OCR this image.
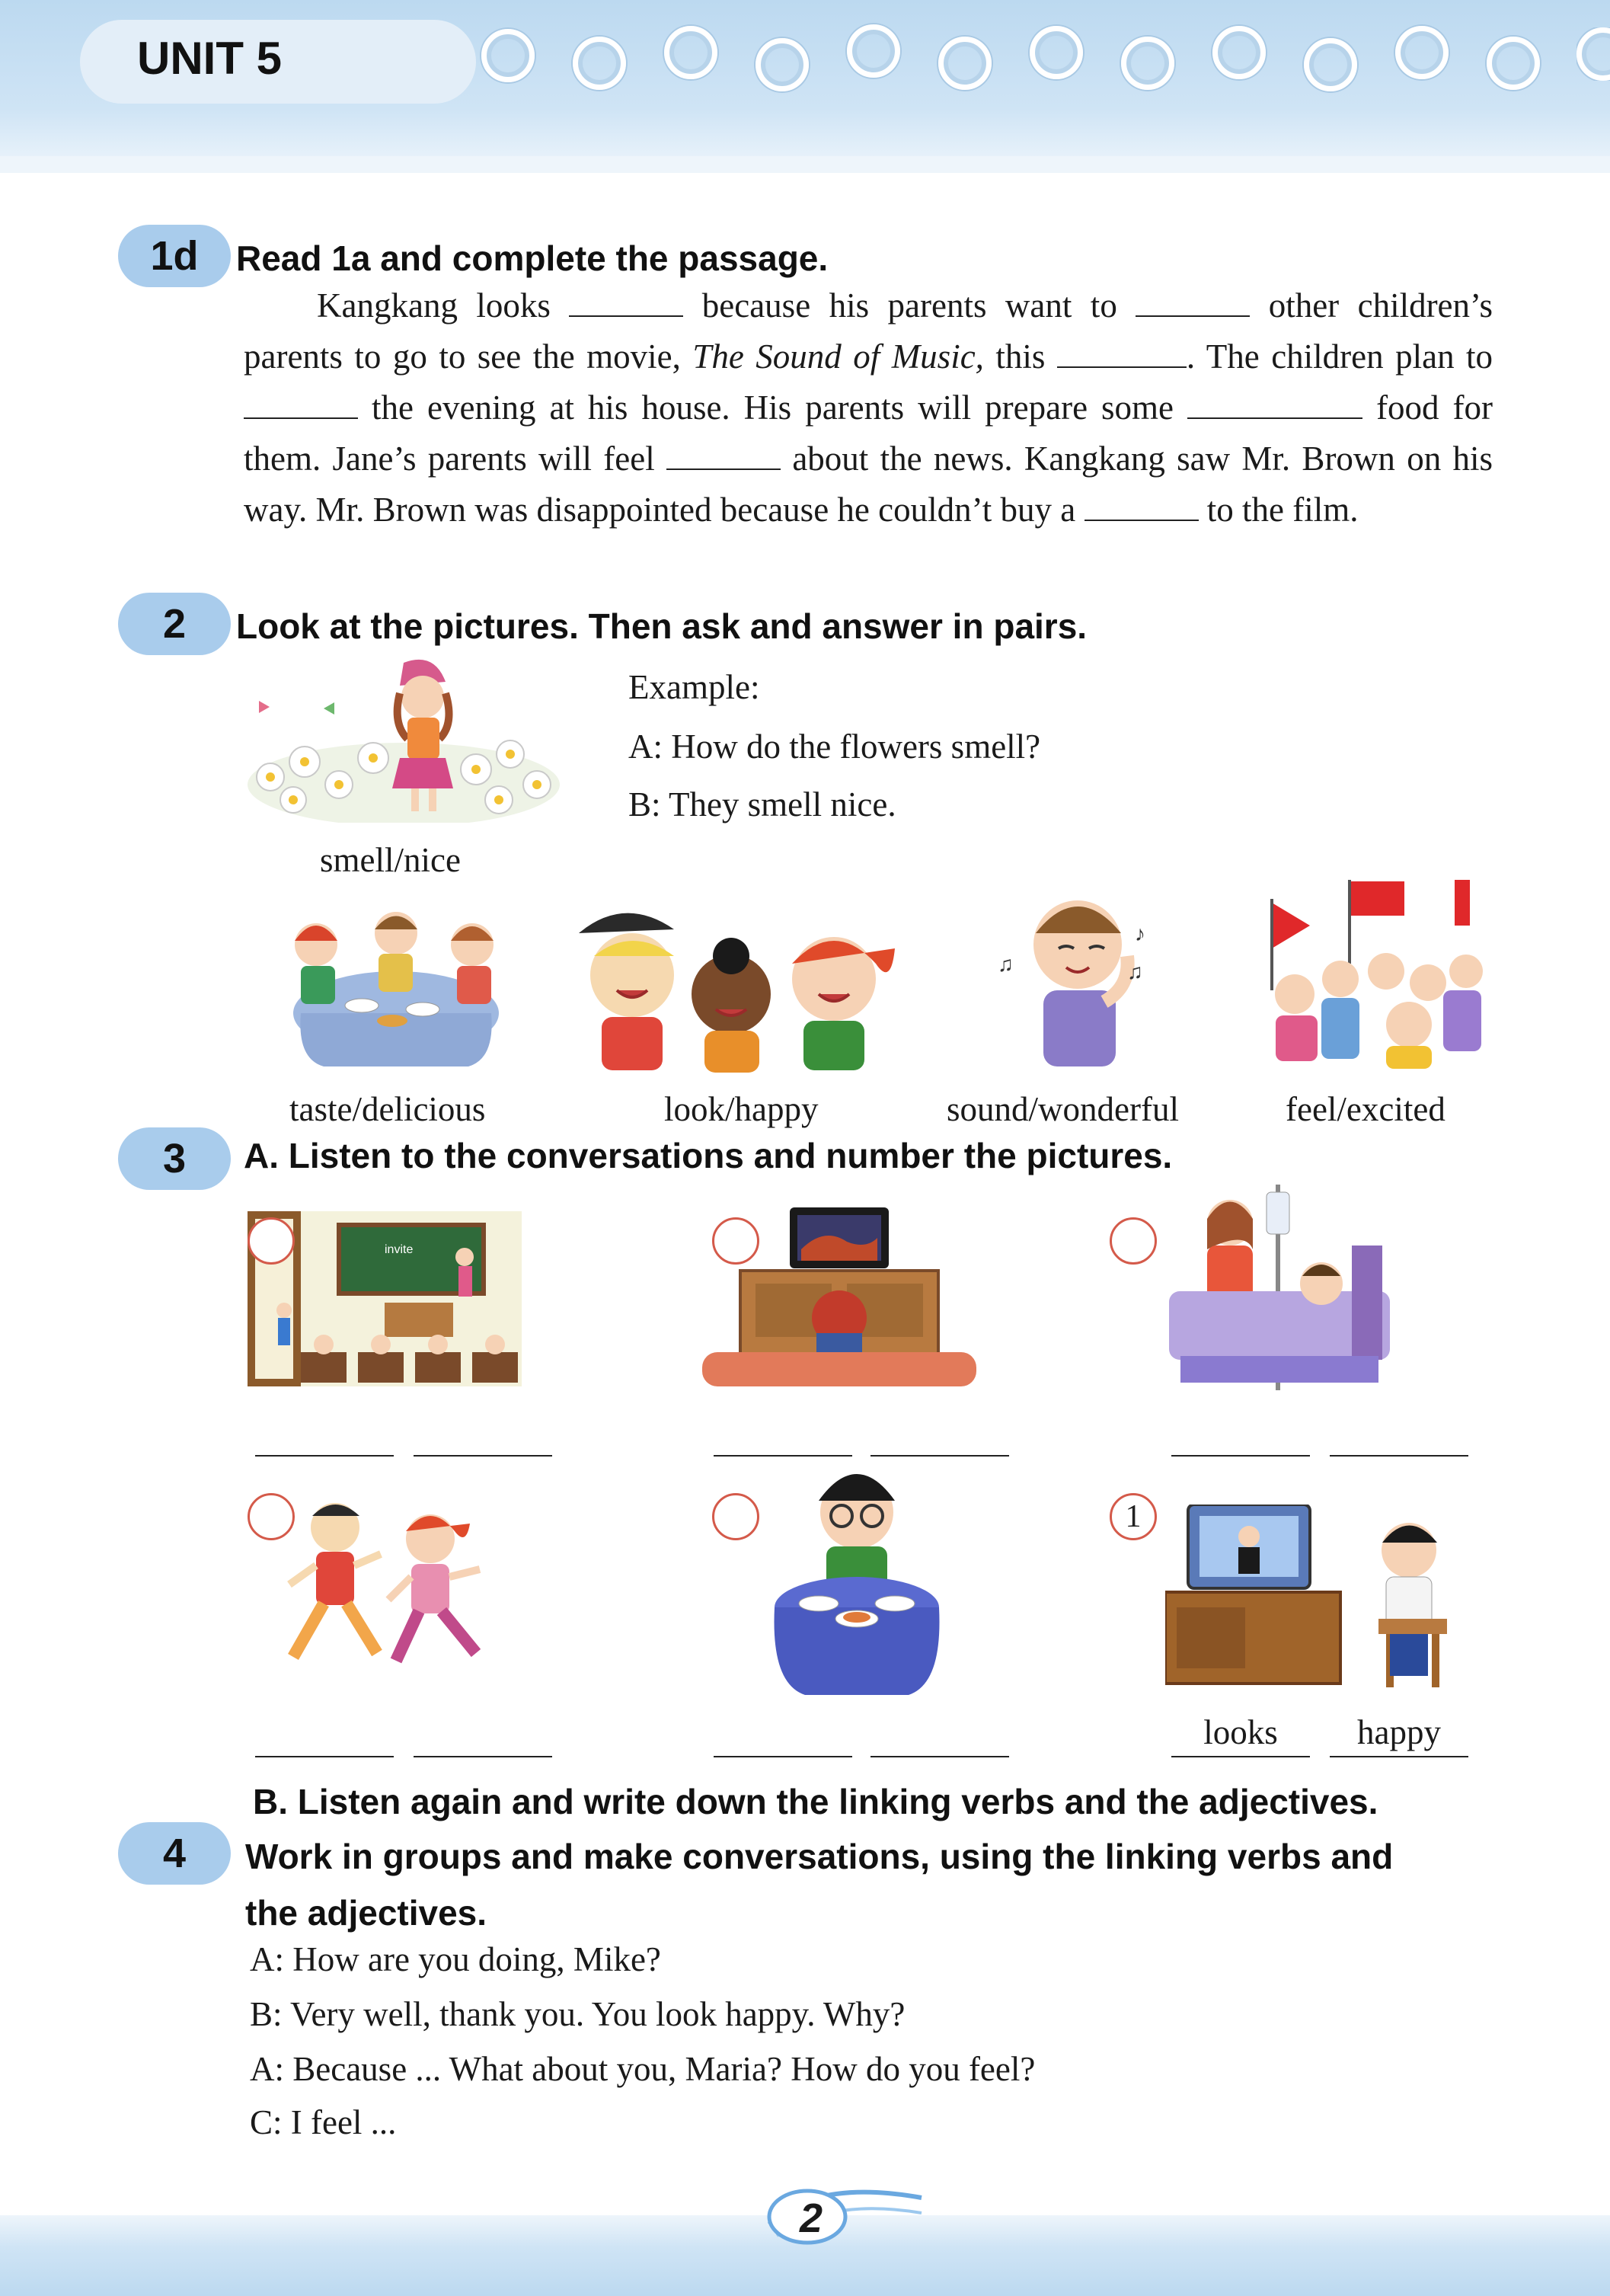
UNIT 5
1d	Read 1a and complete the passage.
Kangkang looks	because his parents want to	other children’s parents to go to see the movie, The Sound of Music, this	. The children plan to  the evening at his house. His parents will prepare some	food for them. Jane’s parents will feel	about the news. Kangkang saw Mr. Brown on his way. Mr. Brown was disappointed because he couldn’t buy a	to the film.
2	Look at the pictures. Then ask and answer in pairs.
Example:
A: How do the flowers smell?
B: They smell nice.
smell/nice
♫
♪
♫
taste/delicious	look/happy	sound/wonderful	feel/excited
3	A. Listen to the conversations and number the pictures.
invite
1
looks	happy
B. Listen again and write down the linking verbs and the adjectives.
4	Work in groups and make conversations, using the linking verbs and
the adjectives.
A: How are you doing, Mike?
B: Very well, thank you. You look happy. Why?
A: Because ... What about you, Maria? How do you feel?
C: I feel ...
2
